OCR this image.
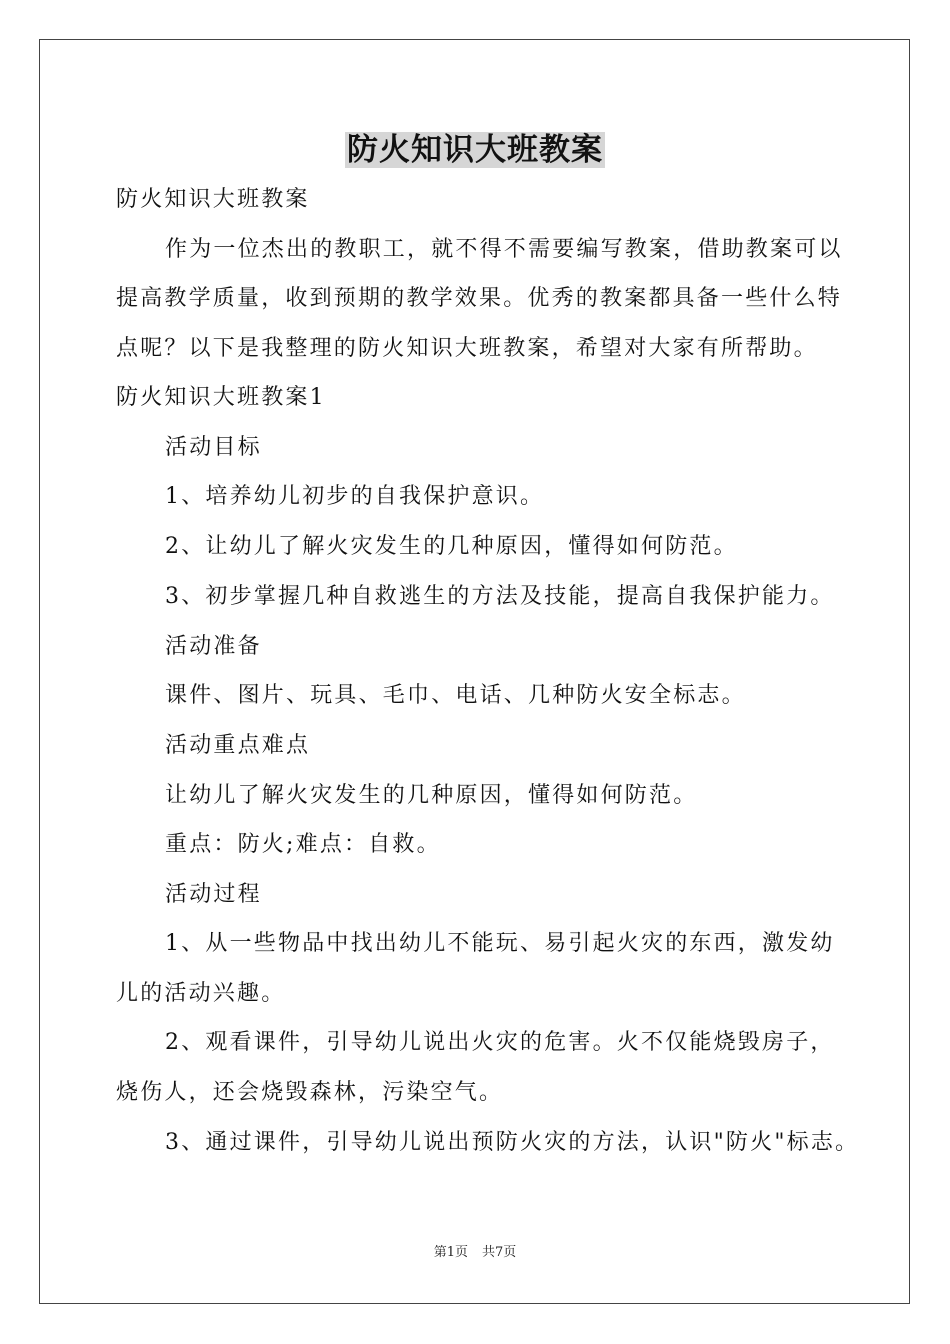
防火知识大班教案
防火知识大班教案
作为一位杰出的教职工，就不得不需要编写教案，借助教案可以
提高教学质量，收到预期的教学效果。优秀的教案都具备一些什么特
点呢？以下是我整理的防火知识大班教案，希望对大家有所帮助。
防火知识大班教案1
活动目标
1、培养幼儿初步的自我保护意识。
2、让幼儿了解火灾发生的几种原因，懂得如何防范。
3、初步掌握几种自救逃生的方法及技能，提高自我保护能力。
活动准备
课件、图片、玩具、毛巾、电话、几种防火安全标志。
活动重点难点
让幼儿了解火灾发生的几种原因，懂得如何防范。
重点：防火;难点：自救。
活动过程
1、从一些物品中找出幼儿不能玩、易引起火灾的东西，激发幼
儿的活动兴趣。
2、观看课件，引导幼儿说出火灾的危害。火不仅能烧毁房子，
烧伤人，还会烧毁森林，污染空气。
3、通过课件，引导幼儿说出预防火灾的方法，认识"防火"标志。
第1页 共7页
